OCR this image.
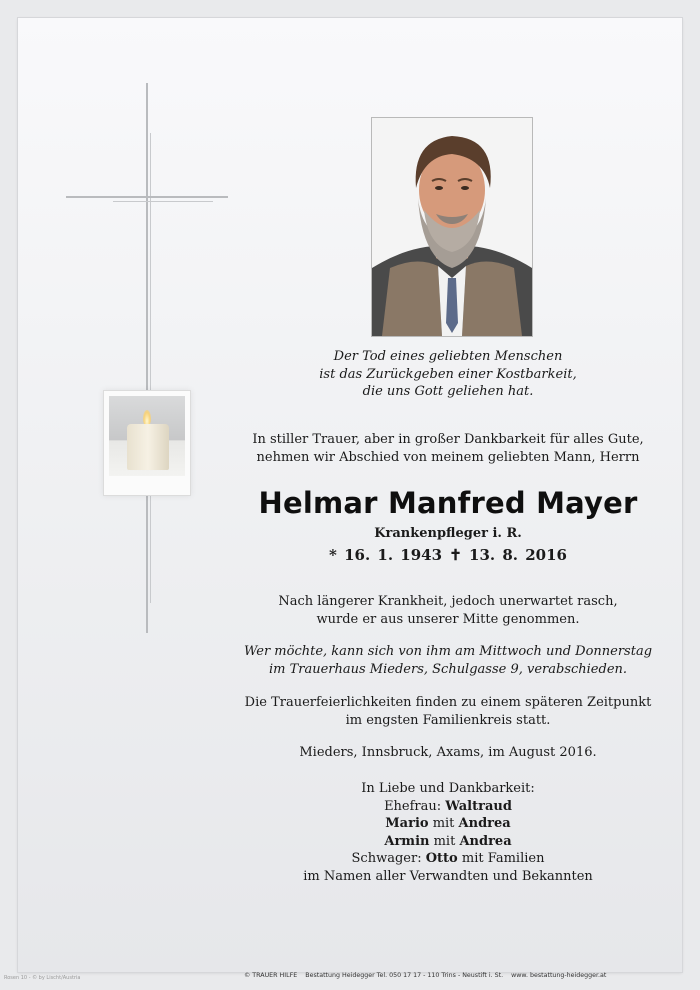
Der Tod eines geliebten Menschen
ist das Zurückgeben einer Kostbarkeit,
die uns Gott geliehen hat.
In stiller Trauer, aber in großer Dankbarkeit für alles Gute,
nehmen wir Abschied von meinem geliebten Mann, Herrn
Helmar Manfred Mayer
Krankenpfleger i. R.
* 16. 1. 1943 ✝ 13. 8. 2016
Nach längerer Krankheit, jedoch unerwartet rasch,
wurde er aus unserer Mitte genommen.
Wer möchte, kann sich von ihm am Mittwoch und Donnerstag
im Trauerhaus Mieders, Schulgasse 9, verabschieden.
Die Trauerfeierlichkeiten finden zu einem späteren Zeitpunkt
im engsten Familienkreis statt.
Mieders, Innsbruck, Axams, im August 2016.
In Liebe und Dankbarkeit:
Ehefrau: Waltraud
Mario mit Andrea
Armin mit Andrea
Schwager: Otto mit Familien
im Namen aller Verwandten und Bekannten
© TRAUER HILFE Bestattung Heidegger Tel. 050 17 17 - 110 Trins - Neustift i. St. www. bestattung-heidegger.at
Rosen 10 - © by Lischt/Austria
